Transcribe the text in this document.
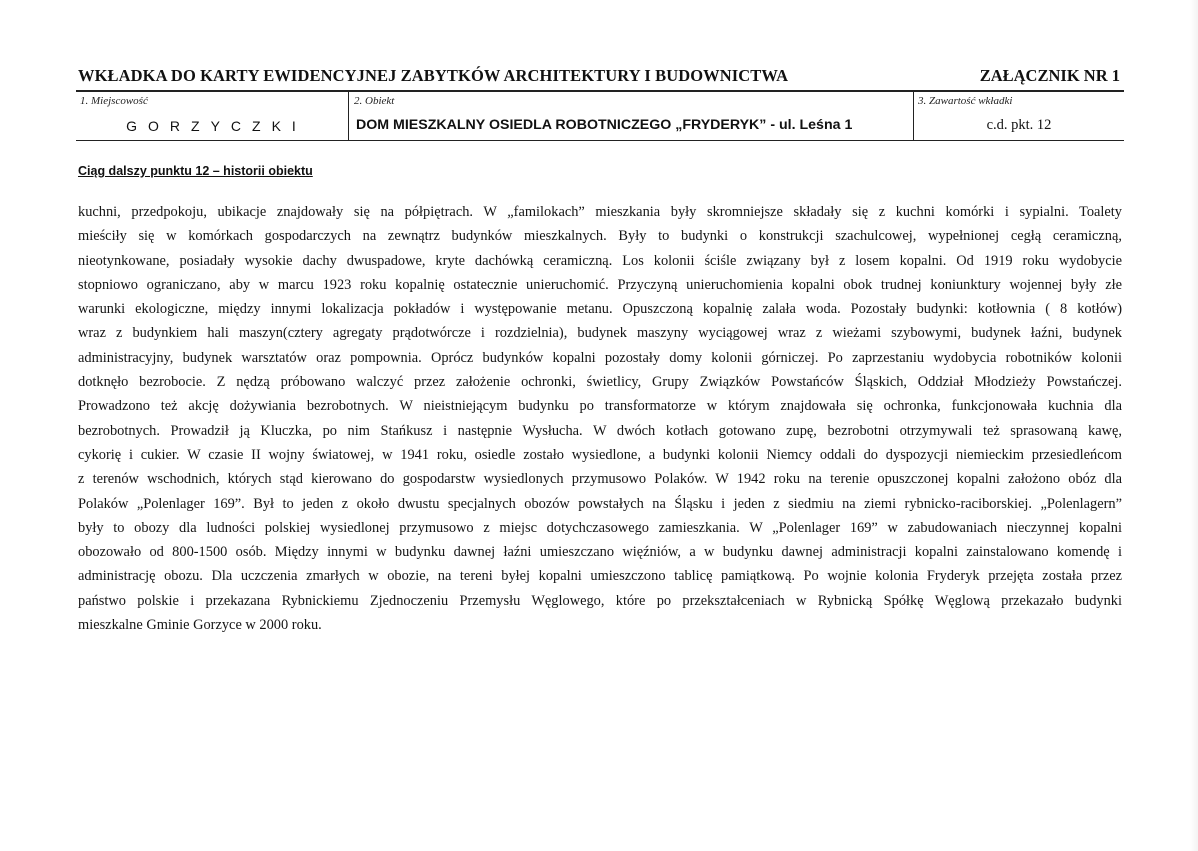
WKŁADKA DO KARTY EWIDENCYJNEJ ZABYTKÓW ARCHITEKTURY I BUDOWNICTWA	ZAŁĄCZNIK NR 1
1. Miejscowość	2. Obiekt	3. Zawartość wkładki
GORZYCZKI	DOM MIESZKALNY OSIEDLA ROBOTNICZEGO „FRYDERYK” - ul. Leśna 1	c.d. pkt. 12
Ciąg dalszy punktu 12 – historii obiektu
kuchni, przedpokoju, ubikacje znajdowały się na półpiętrach. W „familokach” mieszkania były skromniejsze składały się z kuchni komórki i sypialni. Toalety
mieściły się w komórkach gospodarczych na zewnątrz budynków mieszkalnych. Były to budynki o konstrukcji szachulcowej, wypełnionej cegłą ceramiczną,
nieotynkowane, posiadały wysokie dachy dwuspadowe, kryte dachówką ceramiczną. Los kolonii ściśle związany był z losem kopalni. Od 1919 roku wydobycie
stopniowo ograniczano, aby w marcu 1923 roku kopalnię ostatecznie unieruchomić. Przyczyną unieruchomienia kopalni obok trudnej koniunktury wojennej były złe
warunki ekologiczne, między innymi lokalizacja pokładów i występowanie metanu. Opuszczoną kopalnię zalała woda. Pozostały budynki: kotłownia ( 8 kotłów)
wraz z budynkiem hali maszyn(cztery agregaty prądotwórcze i rozdzielnia), budynek maszyny wyciągowej wraz z wieżami szybowymi, budynek łaźni, budynek
administracyjny, budynek warsztatów oraz pompownia. Oprócz budynków kopalni pozostały domy kolonii górniczej. Po zaprzestaniu wydobycia robotników kolonii
dotknęło bezrobocie. Z nędzą próbowano walczyć przez założenie ochronki, świetlicy, Grupy Związków Powstańców Śląskich, Oddział Młodzieży Powstańczej.
Prowadzono też akcję dożywiania bezrobotnych. W nieistniejącym budynku po transformatorze w którym znajdowała się ochronka, funkcjonowała kuchnia dla
bezrobotnych. Prowadził ją Kluczka, po nim Stańkusz i następnie Wysłucha. W dwóch kotłach gotowano zupę, bezrobotni otrzymywali też sprasowaną kawę,
cykorię i cukier. W czasie II wojny światowej, w 1941 roku, osiedle zostało wysiedlone, a budynki kolonii Niemcy oddali do dyspozycji niemieckim przesiedleńcom
z terenów wschodnich, których stąd kierowano do gospodarstw wysiedlonych przymusowo Polaków. W 1942 roku na terenie opuszczonej kopalni założono obóz dla
Polaków „Polenlager 169”. Był to jeden z około dwustu specjalnych obozów powstałych na Śląsku i jeden z siedmiu na ziemi rybnicko-raciborskiej. „Polenlagern”
były to obozy dla ludności polskiej wysiedlonej przymusowo z miejsc dotychczasowego zamieszkania. W „Polenlager 169” w zabudowaniach nieczynnej kopalni
obozowało od 800-1500 osób. Między innymi w budynku dawnej łaźni umieszczano więźniów, a w budynku dawnej administracji kopalni zainstalowano komendę i
administrację obozu. Dla uczczenia zmarłych w obozie, na tereni byłej kopalni umieszczono tablicę pamiątkową. Po wojnie kolonia Fryderyk przejęta została przez
państwo polskie i przekazana Rybnickiemu Zjednoczeniu Przemysłu Węglowego, które po przekształceniach w Rybnicką Spółkę Węglową przekazało budynki
mieszkalne Gminie Gorzyce w 2000 roku.
